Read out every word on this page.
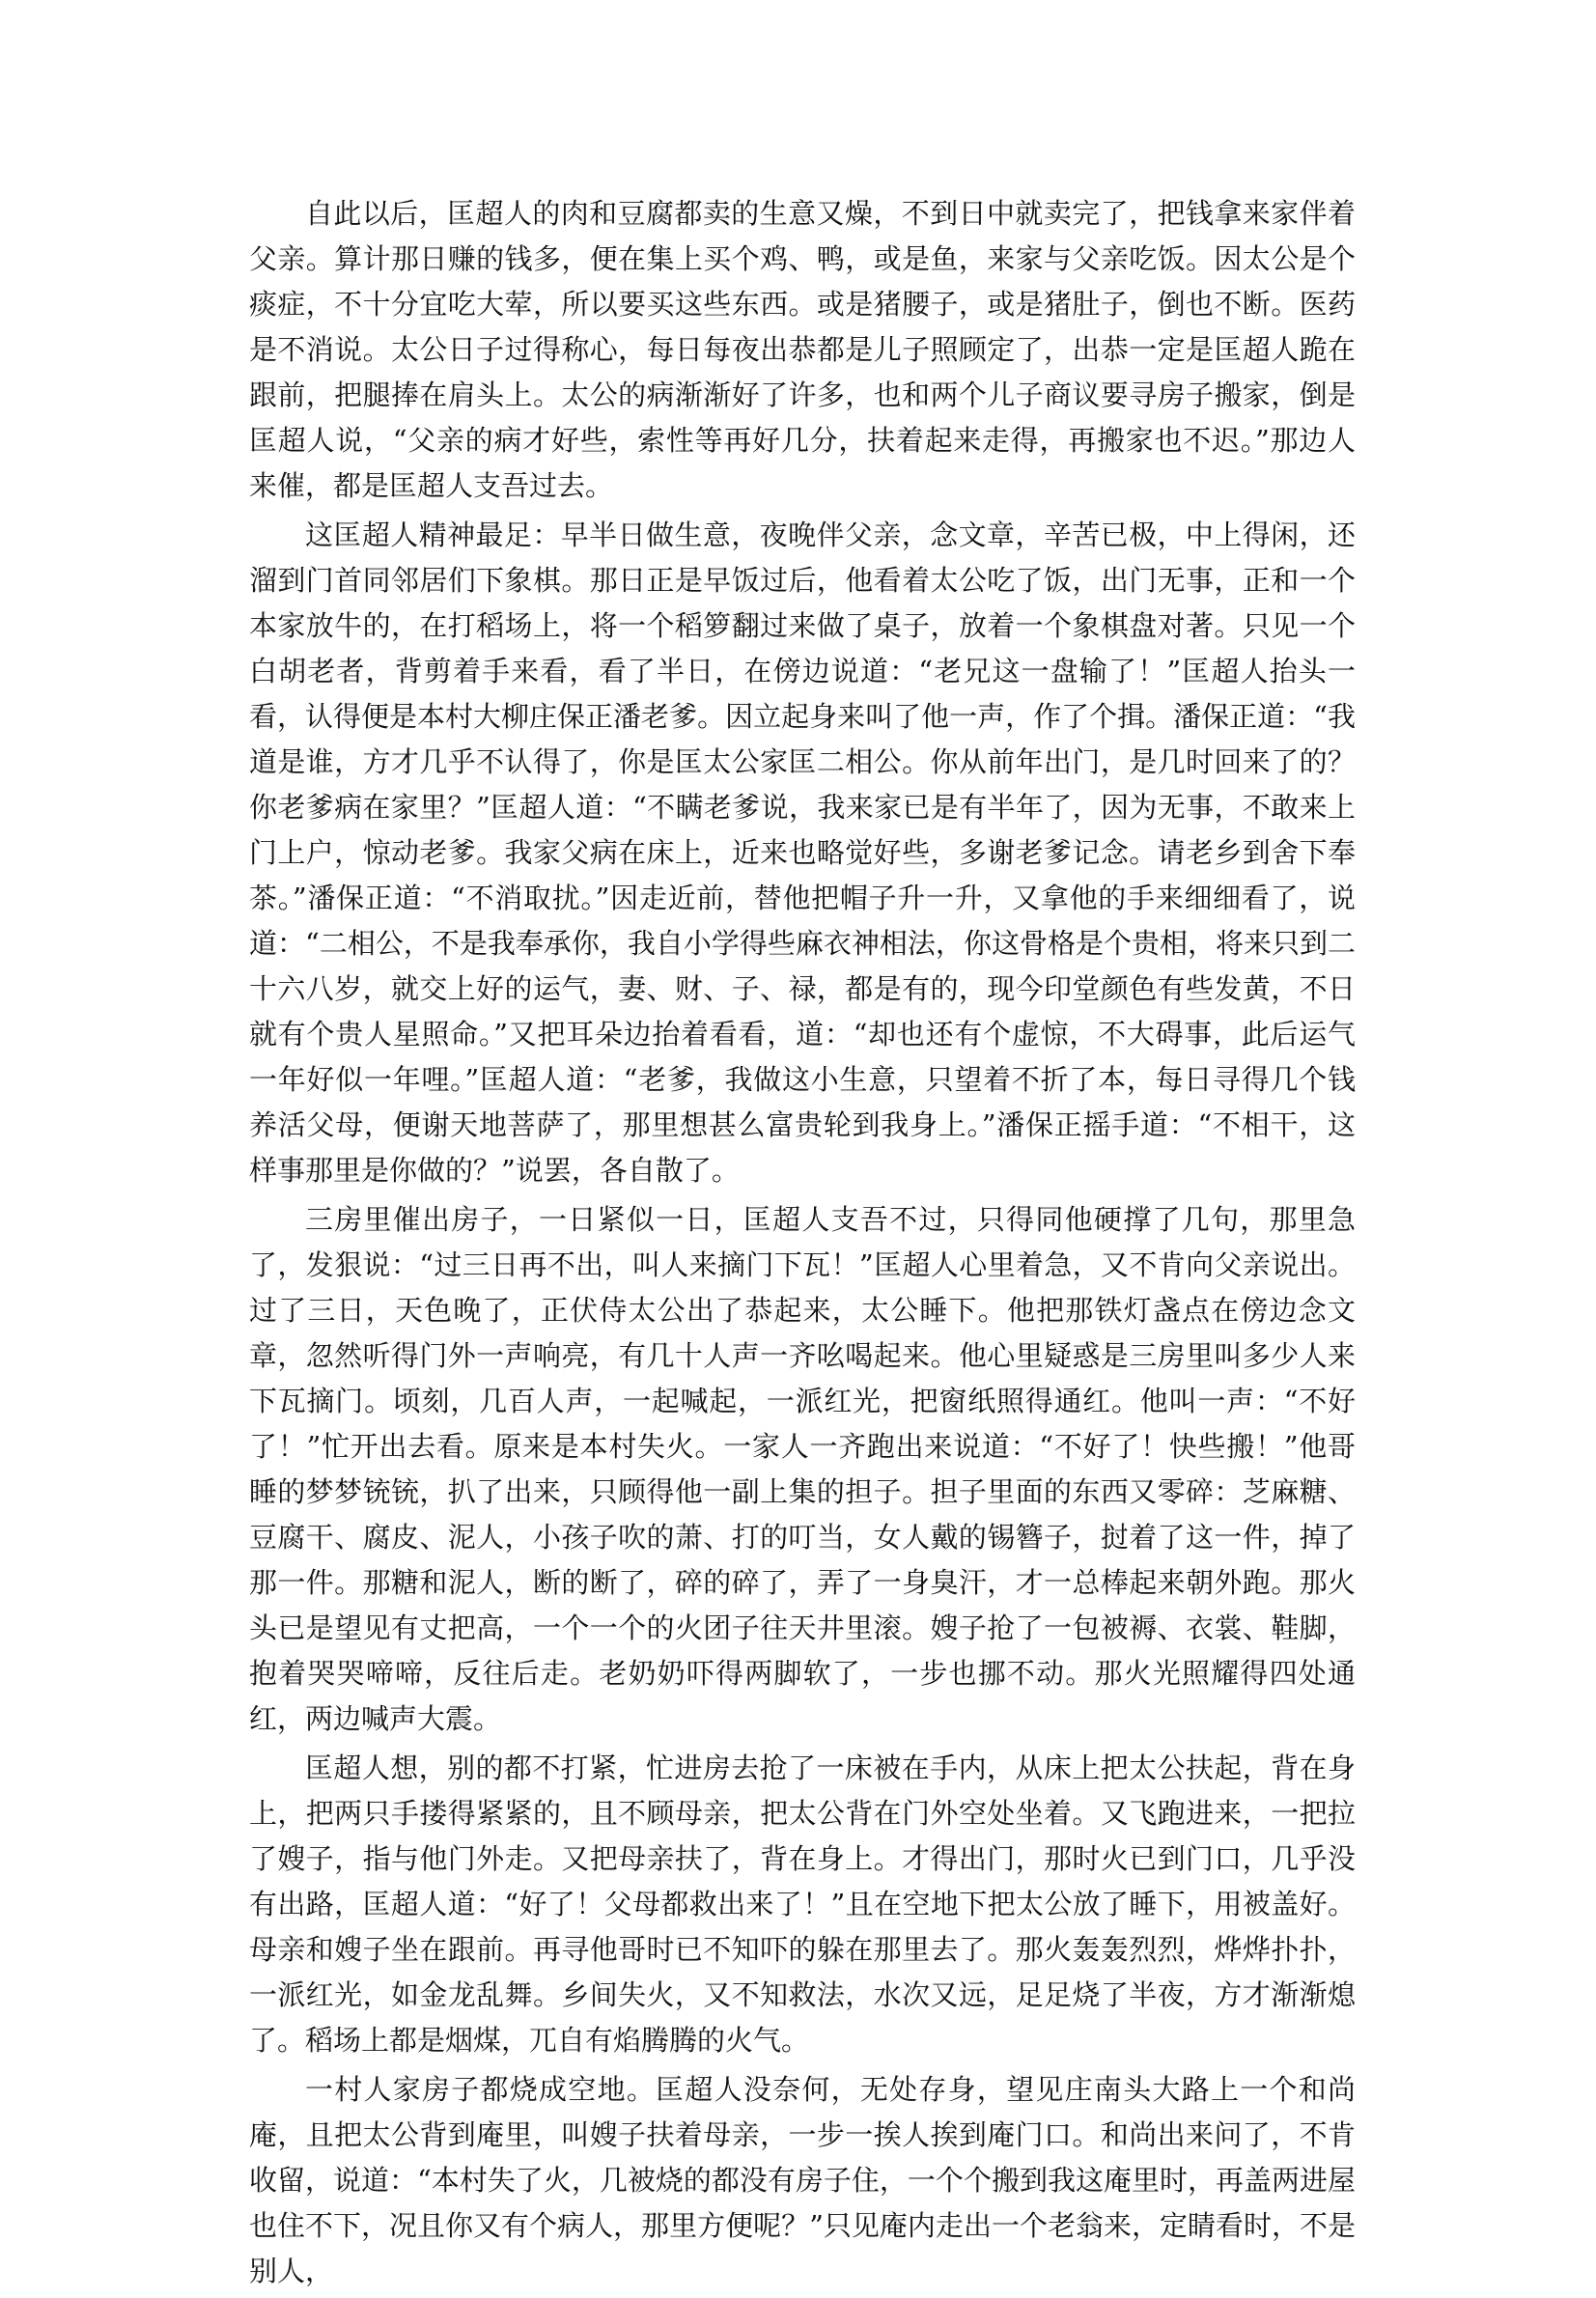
自此以后，匡超人的肉和豆腐都卖的生意又燥，不到日中就卖完了，把钱拿来家伴着父亲。算计那日赚的钱多，便在集上买个鸡、鸭，或是鱼，来家与父亲吃饭。因太公是个痰症，不十分宜吃大荤，所以要买这些东西。或是猪腰子，或是猪肚子，倒也不断。医药是不消说。太公日子过得称心，每日每夜出恭都是儿子照顾定了，出恭一定是匡超人跪在跟前，把腿捧在肩头上。太公的病渐渐好了许多，也和两个儿子商议要寻房子搬家，倒是匡超人说，“父亲的病才好些，索性等再好几分，扶着起来走得，再搬家也不迟。”那边人来催，都是匡超人支吾过去。

这匡超人精神最足：早半日做生意，夜晚伴父亲，念文章，辛苦已极，中上得闲，还溜到门首同邻居们下象棋。那日正是早饭过后，他看着太公吃了饭，出门无事，正和一个本家放牛的，在打稻场上，将一个稻箩翻过来做了桌子，放着一个象棋盘对著。只见一个白胡老者，背剪着手来看，看了半日，在傍边说道：“老兄这一盘输了！”匡超人抬头一看，认得便是本村大柳庄保正潘老爹。因立起身来叫了他一声，作了个揖。潘保正道：“我道是谁，方才几乎不认得了，你是匡太公家匡二相公。你从前年出门，是几时回来了的？你老爹病在家里？”匡超人道：“不瞒老爹说，我来家已是有半年了，因为无事，不敢来上门上户，惊动老爹。我家父病在床上，近来也略觉好些，多谢老爹记念。请老乡到舍下奉茶。”潘保正道：“不消取扰。”因走近前，替他把帽子升一升，又拿他的手来细细看了，说道：“二相公，不是我奉承你，我自小学得些麻衣神相法，你这骨格是个贵相，将来只到二十六八岁，就交上好的运气，妻、财、子、禄，都是有的，现今印堂颜色有些发黄，不日就有个贵人星照命。”又把耳朵边抬着看看，道：“却也还有个虚惊，不大碍事，此后运气一年好似一年哩。”匡超人道：“老爹，我做这小生意，只望着不折了本，每日寻得几个钱养活父母，便谢天地菩萨了，那里想甚么富贵轮到我身上。”潘保正摇手道：“不相干，这样事那里是你做的？”说罢，各自散了。

三房里催出房子，一日紧似一日，匡超人支吾不过，只得同他硬撑了几句，那里急了，发狠说：“过三日再不出，叫人来摘门下瓦！”匡超人心里着急，又不肯向父亲说出。过了三日，天色晚了，正伏侍太公出了恭起来，太公睡下。他把那铁灯盏点在傍边念文章，忽然听得门外一声响亮，有几十人声一齐吆喝起来。他心里疑惑是三房里叫多少人来下瓦摘门。顷刻，几百人声，一起喊起，一派红光，把窗纸照得通红。他叫一声：“不好了！”忙开出去看。原来是本村失火。一家人一齐跑出来说道：“不好了！快些搬！”他哥睡的梦梦铳铳，扒了出来，只顾得他一副上集的担子。担子里面的东西又零碎：芝麻糖、豆腐干、腐皮、泥人，小孩子吹的萧、打的叮当，女人戴的锡簪子，挝着了这一件，掉了那一件。那糖和泥人，断的断了，碎的碎了，弄了一身臭汗，才一总棒起来朝外跑。那火头已是望见有丈把高，一个一个的火团子往天井里滚。嫂子抢了一包被褥、衣裳、鞋脚，抱着哭哭啼啼，反往后走。老奶奶吓得两脚软了，一步也挪不动。那火光照耀得四处通红，两边喊声大震。

匡超人想，别的都不打紧，忙进房去抢了一床被在手内，从床上把太公扶起，背在身上，把两只手搂得紧紧的，且不顾母亲，把太公背在门外空处坐着。又飞跑进来，一把拉了嫂子，指与他门外走。又把母亲扶了，背在身上。才得出门，那时火已到门口，几乎没有出路，匡超人道：“好了！父母都救出来了！”且在空地下把太公放了睡下，用被盖好。母亲和嫂子坐在跟前。再寻他哥时已不知吓的躲在那里去了。那火轰轰烈烈，烨烨扑扑，一派红光，如金龙乱舞。乡间失火，又不知救法，水次又远，足足烧了半夜，方才渐渐熄了。稻场上都是烟煤，兀自有焰腾腾的火气。

一村人家房子都烧成空地。匡超人没奈何，无处存身，望见庄南头大路上一个和尚庵，且把太公背到庵里，叫嫂子扶着母亲，一步一挨人挨到庵门口。和尚出来问了，不肯收留，说道：“本村失了火，几被烧的都没有房子住，一个个搬到我这庵里时，再盖两进屋也住不下，况且你又有个病人，那里方便呢？”只见庵内走出一个老翁来，定睛看时，不是别人，
